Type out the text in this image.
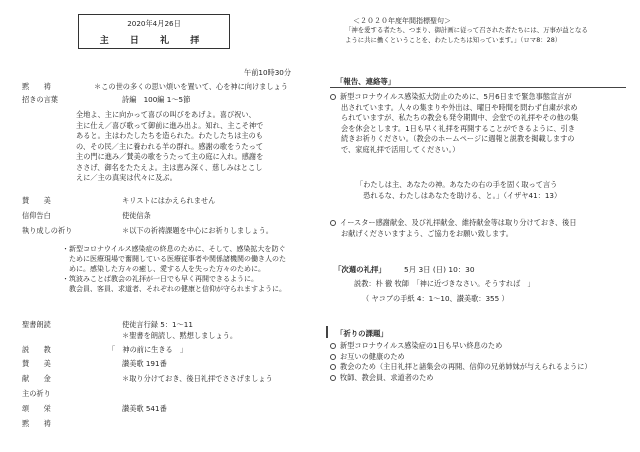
2020年4月26日
主 日 礼 拝
午前10時30分
黙　　祷	＊この世の多くの思い煩いを置いて、心を神に向けましょう
招きの言葉	詩編　100編 1〜5節
全地よ、主に向かって喜びの叫びをあげよ。喜び祝い、
主に仕え／喜び歌って御前に進み出よ。知れ、主こそ神で
あると。主はわたしたちを造られた。わたしたちは主のも
の、その民／主に養われる羊の群れ。感謝の歌をうたって
主の門に進み／賛美の歌をうたって主の庭に入れ。感謝を
ささげ、御名をたたえよ。主は恵み深く、慈しみはとこし
えに／主の真実は代々に及ぶ。
賛　　美	キリストにはかえられません
信仰告白	使徒信条
執り成しの祈り	＊以下の祈祷課題を中心にお祈りしましょう。
・新型コロナウイルス感染症の終息のために、そして、感染拡大を防ぐ
　ために医療現場で奮闘している医療従事者や関係諸機関の働き人のた
　めに。感染した方々の癒し、愛する人を失った方々のために。
・筑波みことば教会の礼拝が一日でも早く再開できるように。
　教会員、客員、求道者、それぞれの健康と信仰が守られますように。
聖書朗読	使徒言行録 5：1〜11
＊聖書を朗読し、黙想しましょう。
説　　教	「　神の前に生きる　」
賛　　美	讃美歌 191番
献　　金	＊取り分けておき、後日礼拝でささげましょう
主の祈り
頌　　栄	讃美歌 541番
黙　　祷
＜２０２０年度年間指標聖句＞
「神を愛する者たち、つまり、御計画に従って召された者たちには、万事が益となる
ように共に働くということを、わたしたちは知っています。」（ロマ8：28）
「報告、連絡等」
新型コロナウイルス感染拡大防止のために、5月6日まで緊急事態宣言が
出されています。人々の集まりや外出は、曜日や時間を問わず自粛が求め
られていますが、私たちの教会も発令期間中、会堂での礼拝やその他の集
会を休会とします。1日も早く礼拝を再開することができるように、引き
続きお祈りください。（教会のホームページに週報と説教を掲載しますの
で、家庭礼拝で活用してください。）
「わたしは主、あなたの神。あなたの右の手を固く取って言う
　恐れるな、わたしはあなたを助ける、と。」（イザヤ41：13）
イースター感謝献金、及び礼拝献金、維持献金等は取り分けておき、後日
お献げくださいますよう、ご協力をお願い致します。
「次週の礼拝」 5月 3日 (日) 10：30
説教：朴 徹 牧師　「神に近づきなさい。そうすれば　」
（ ヤコブの手紙 4：1〜10、讃美歌：355 ）
「祈りの課題」
新型コロナウイルス感染症の1日も早い終息のため
お互いの健康のため
教会のため（主日礼拝と諸集会の再開、信仰の兄弟姉妹が与えられるように）
牧師、教会員、求道者のため
